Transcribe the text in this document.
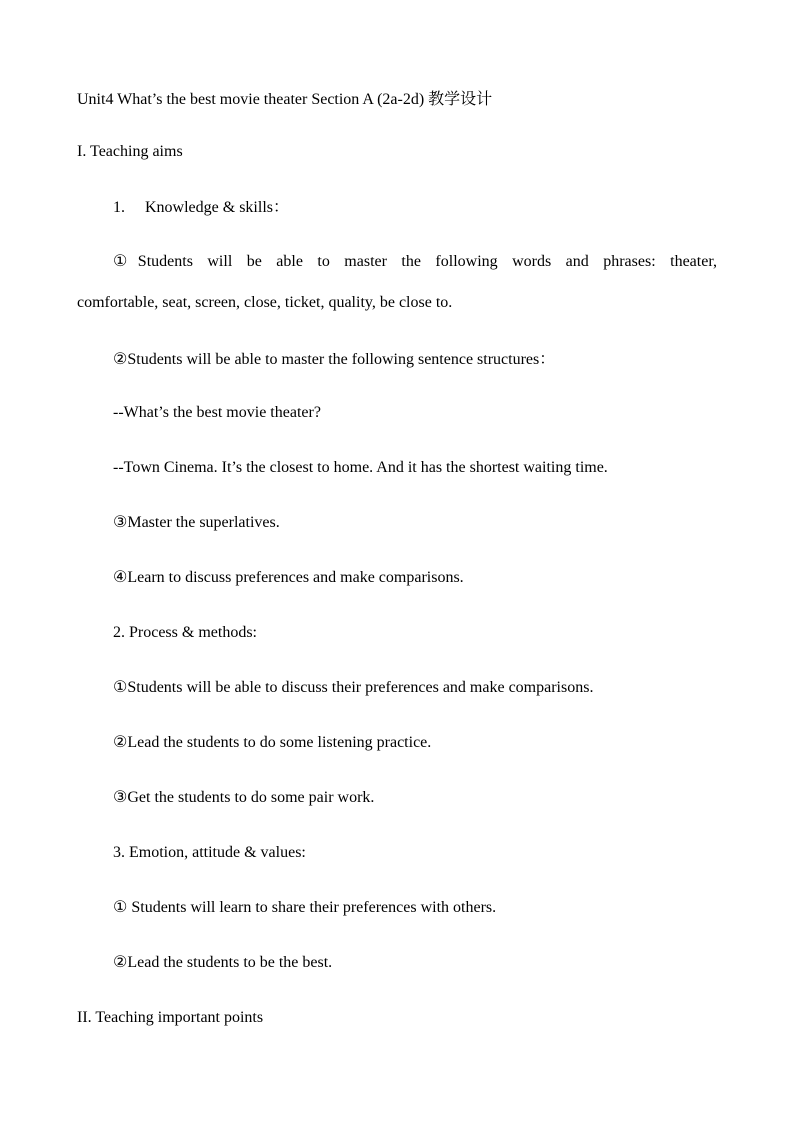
Unit4 What’s the best movie theater Section A (2a-2d) 教学设计
I. Teaching aims
1. Knowledge & skills：
①Students will be able to master the following words and phrases: theater,
comfortable, seat, screen, close, ticket, quality, be close to.
②Students will be able to master the following sentence structures：
--What’s the best movie theater?
--Town Cinema. It’s the closest to home. And it has the shortest waiting time.
③Master the superlatives.
④Learn to discuss preferences and make comparisons.
2. Process & methods:
①Students will be able to discuss their preferences and make comparisons.
②Lead the students to do some listening practice.
③Get the students to do some pair work.
3. Emotion, attitude & values:
① Students will learn to share their preferences with others.
②Lead the students to be the best.
II. Teaching important points
